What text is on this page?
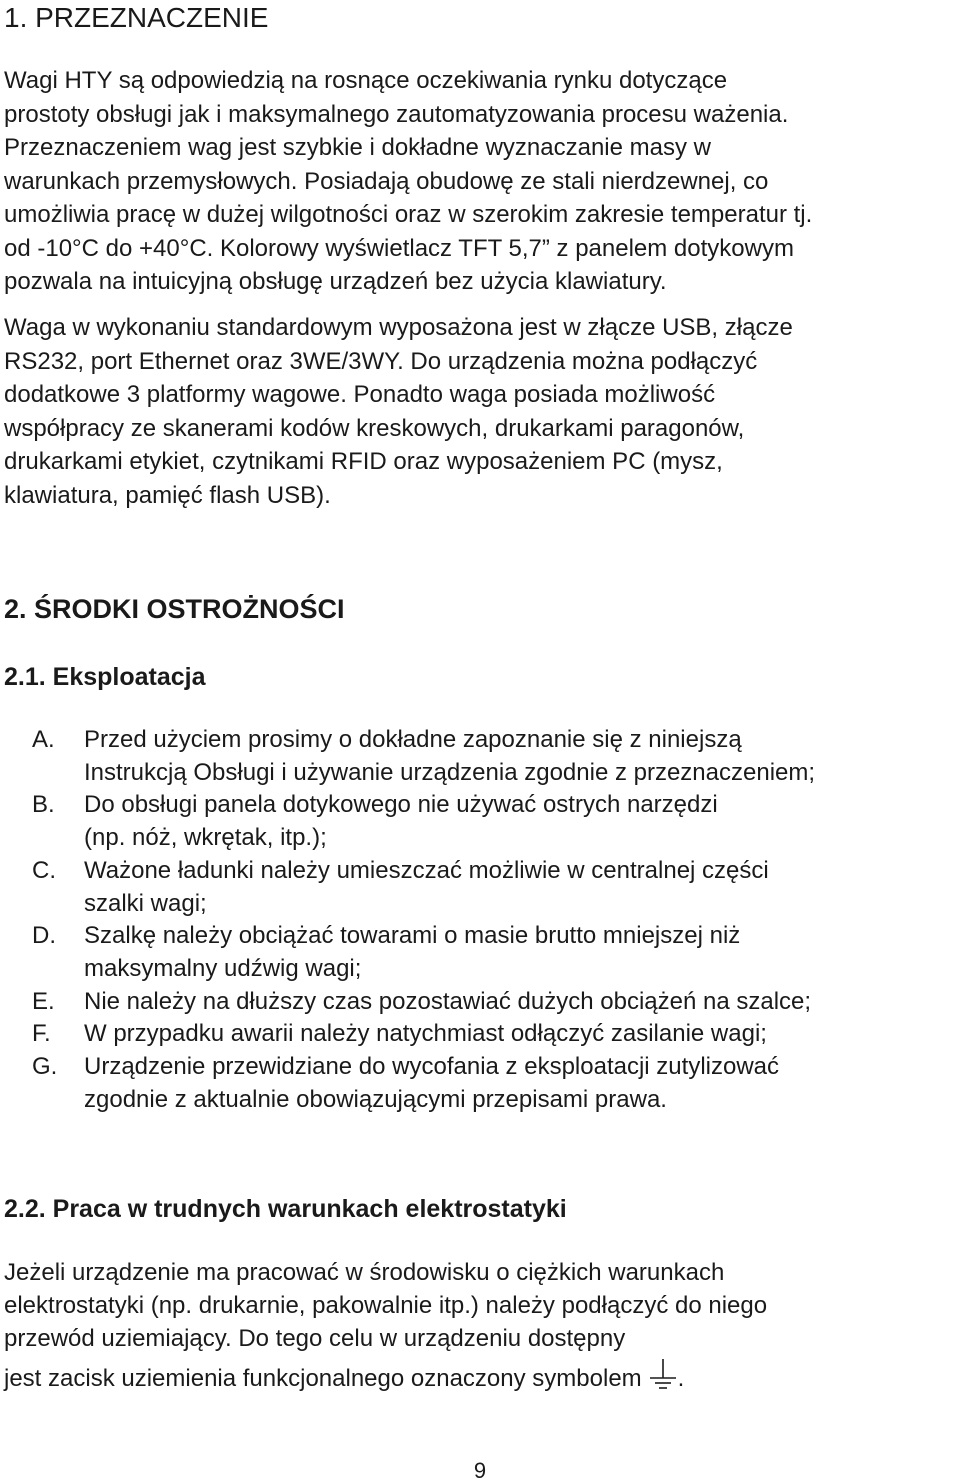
1. PRZEZNACZENIE
Wagi HTY są odpowiedzią na rosnące oczekiwania rynku dotyczące
prostoty obsługi jak i maksymalnego zautomatyzowania procesu ważenia.
Przeznaczeniem wag jest szybkie i dokładne wyznaczanie masy w
warunkach przemysłowych. Posiadają obudowę ze stali nierdzewnej, co
umożliwia pracę w dużej wilgotności oraz w szerokim zakresie temperatur tj.
od -10°C do +40°C. Kolorowy wyświetlacz TFT 5,7” z panelem dotykowym
pozwala na intuicyjną obsługę urządzeń bez użycia klawiatury.
Waga w wykonaniu standardowym wyposażona jest w złącze USB, złącze
RS232, port Ethernet oraz 3WE/3WY. Do urządzenia można podłączyć
dodatkowe 3 platformy wagowe. Ponadto waga posiada możliwość
współpracy ze skanerami kodów kreskowych, drukarkami paragonów,
drukarkami etykiet, czytnikami RFID oraz wyposażeniem PC (mysz,
klawiatura, pamięć flash USB).
2. ŚRODKI OSTROŻNOŚCI
2.1. Eksploatacja
A.	Przed użyciem prosimy o dokładne zapoznanie się z niniejszą
Instrukcją Obsługi i używanie urządzenia zgodnie z przeznaczeniem;
B.	Do obsługi panela dotykowego nie używać ostrych narzędzi
(np. nóż, wkrętak, itp.);
C.	Ważone ładunki należy umieszczać możliwie w centralnej części
szalki wagi;
D.	Szalkę należy obciążać towarami o masie brutto mniejszej niż
maksymalny udźwig wagi;
E.	Nie należy na dłuższy czas pozostawiać dużych obciążeń na szalce;
F.	W przypadku awarii należy natychmiast odłączyć zasilanie wagi;
G.	Urządzenie przewidziane do wycofania z eksploatacji zutylizować
zgodnie z aktualnie obowiązującymi przepisami prawa.
2.2. Praca w trudnych warunkach elektrostatyki
Jeżeli urządzenie ma pracować w środowisku o ciężkich warunkach
elektrostatyki (np. drukarnie, pakowalnie itp.) należy podłączyć do niego
przewód uziemiający. Do tego celu w urządzeniu dostępny
jest zacisk uziemienia funkcjonalnego oznaczony symbolem .
9
